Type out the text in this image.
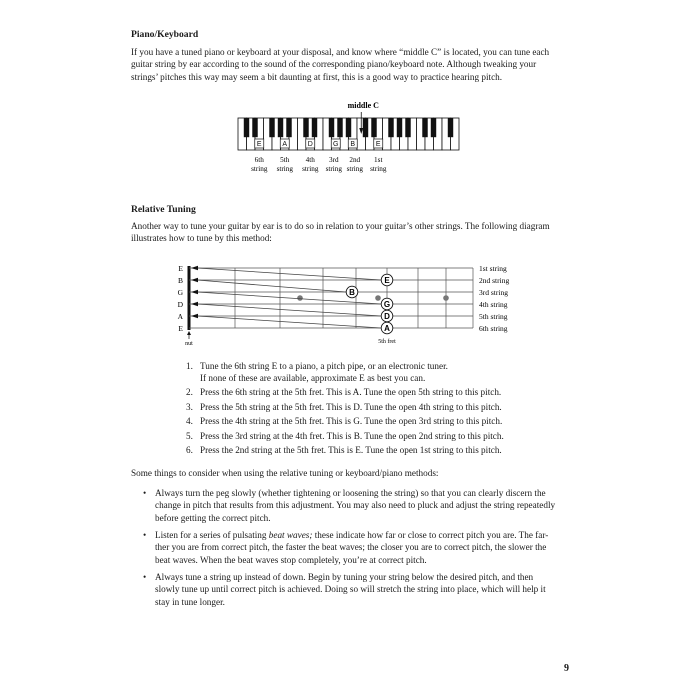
Piano/Keyboard

If you have a tuned piano or keyboard at your disposal, and know where “middle C” is located, you can tune each
guitar string by ear according to the sound of the corresponding piano/keyboard note. Although tweaking your
strings’ pitches this way may seem a bit daunting at first, this is a good way to practice hearing pitch.

E
6th
string
A
5th
string
D
4th
string
G
3rd
string
B
2nd
string
E
1st
string
middle C
Relative Tuning

Another way to tune your guitar by ear is to do so in relation to your guitar’s other strings. The following diagram
illustrates how to tune by this method:

E
B
G
D
A
E
1st string
2nd string
3rd string
4th string
5th string
6th string
E
B
G
D
A
nut	5th fret
1. Tune the 6th string E to a piano, a pitch pipe, or an electronic tuner.
If none of these are available, approximate E as best you can.
2. Press the 6th string at the 5th fret. This is A. Tune the open 5th string to this pitch.
3. Press the 5th string at the 5th fret. This is D. Tune the open 4th string to this pitch.
4. Press the 4th string at the 5th fret. This is G. Tune the open 3rd string to this pitch.
5. Press the 3rd string at the 4th fret. This is B. Tune the open 2nd string to this pitch.
6. Press the 2nd string at the 5th fret. This is E. Tune the open 1st string to this pitch.

Some things to consider when using the relative tuning or keyboard/piano methods:

• Always turn the peg slowly (whether tightening or loosening the string) so that you can clearly discern the
change in pitch that results from this adjustment. You may also need to pluck and adjust the string repeatedly
before getting the correct pitch.
• Listen for a series of pulsating beat waves; these indicate how far or close to correct pitch you are. The far-
ther you are from correct pitch, the faster the beat waves; the closer you are to correct pitch, the slower the
beat waves. When the beat waves stop completely, you’re at correct pitch.
• Always tune a string up instead of down. Begin by tuning your string below the desired pitch, and then
slowly tune up until correct pitch is achieved. Doing so will stretch the string into place, which will help it
stay in tune longer.
9
